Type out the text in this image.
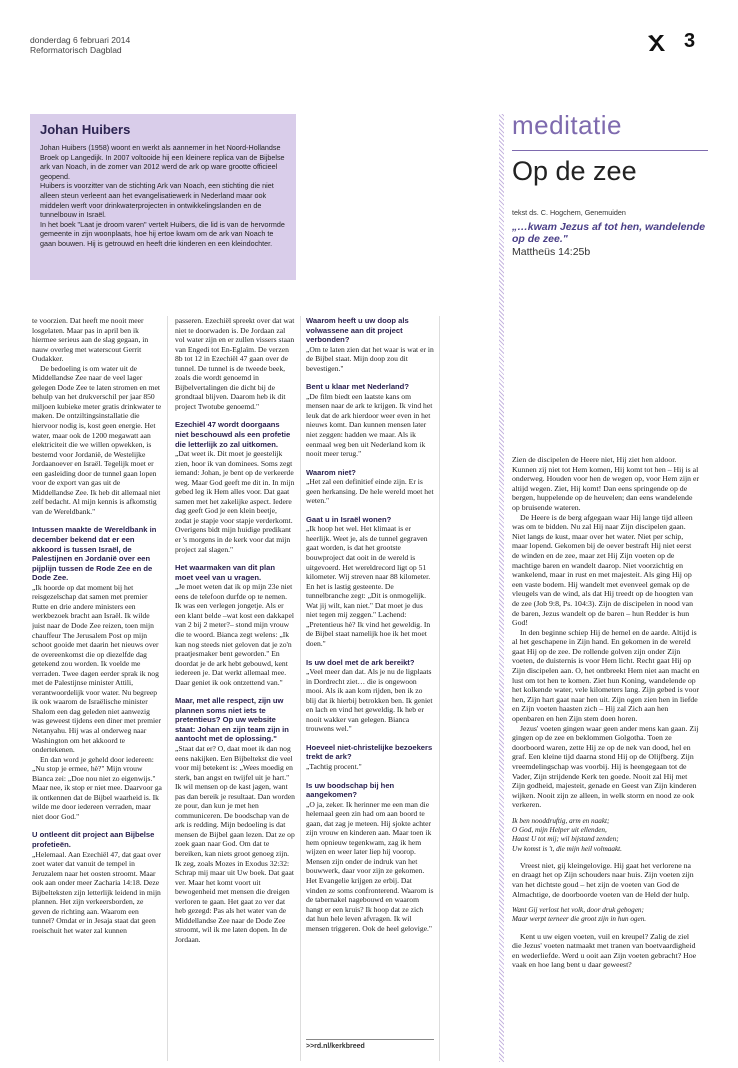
donderdag 6 februari 2014
Reformatorisch Dagblad	3
Johan Huibers

Johan Huibers (1958) woont en werkt als aannemer in het Noord-Hollandse Broek op Langedijk. In 2007 voltooide hij een kleinere replica van de Bijbelse ark van Noach, in de zomer van 2012 werd de ark op ware grootte officieel geopend.

Huibers is voorzitter van de stichting Ark van Noach, een stichting die niet alleen steun verleent aan het evangelisatiewerk in Nederland maar ook middelen werft voor drinkwaterprojecten in ontwikkelingslanden en de tunnelbouw in Israël.

In het boek "Laat je droom varen" vertelt Huibers, die lid is van de hervormde gemeente in zijn woonplaats, hoe hij ertoe kwam om de ark van Noach te gaan bouwen. Hij is getrouwd en heeft drie kinderen en een kleindochter.

te voorzien. Dat heeft me nooit meer losgelaten. Maar pas in april ben ik hiermee serieus aan de slag gegaan, in nauw overleg met waterscout Gerrit Oudakker.

De bedoeling is om water uit de Middellandse Zee naar de veel lager gelegen Dode Zee te laten stromen en met behulp van het drukverschil per jaar 850 miljoen kubieke meter gratis drinkwater te maken. De ontziltingsinstallatie die hiervoor nodig is, kost geen energie. Het water, maar ook de 1200 megawatt aan elektriciteit die we willen opwekken, is bestemd voor Jordanië, de Westelijke Jordaanoever en Israël. Tegelijk moet er een gasleiding door de tunnel gaan lopen voor de export van gas uit de Middellandse Zee. Ik heb dit allemaal niet zelf bedacht. Al mijn kennis is afkomstig van de Wereldbank."

Intussen maakte de Wereldbank in december bekend dat er een akkoord is tussen Israël, de Palestijnen en Jordanië over een pijplijn tussen de Rode Zee en de Dode Zee.

„Ik hoorde op dat moment bij het reisgezelschap dat samen met premier Rutte en drie andere ministers een werkbezoek bracht aan Israël. Ik wilde juist naar de Dode Zee reizen, toen mijn chauffeur The Jerusalem Post op mijn schoot gooide met daarin het nieuws over de overeenkomst die op diezelfde dag getekend zou worden. Ik voelde me verraden. Twee dagen eerder sprak ik nog met de Palestijnse minister Attili, verantwoordelijk voor water. Nu begreep ik ook waarom de Israëlische minister Shalom een dag geleden niet aanwezig was geweest tijdens een diner met premier Netanyahu. Hij was al onderweg naar Washington om het akkoord te ondertekenen.

En dan word je geheld door iedereen: „Nu stop je ermee, hè?" Mijn vrouw Bianca zei: „Doe nou niet zo eigenwijs." Maar nee, ik stop er niet mee. Daarvoor ga ik ontkennen dat de Bijbel waarheid is. Ik wilde me door iedereen verraden, maar niet door God."

U ontleent dit project aan Bijbelse profetieën.

„Helemaal. Aan Ezechiël 47, dat gaat over zoet water dat vanuit de tempel in Jeruzalem naar het oosten stroomt. Maar ook aan onder meer Zacharia 14:18. Deze Bijbelteksten zijn letterlijk leidend in mijn plannen. Het zijn verkeersborden, ze geven de richting aan. Waarom een tunnel? Omdat er in Jesaja staat dat geen roeischuit het water zal kunnen

passeren. Ezechiël spreekt over dat wat niet te doorwaden is. De Jordaan zal vol water zijn en er zullen vissers staan van Engedi tot En-Eglaïm. De verzen 8b tot 12 in Ezechiël 47 gaan over de tunnel. De tunnel is de tweede beek, zoals die wordt genoemd in Bijbelvertalingen die dicht bij de grondtaal blijven. Daarom heb ik dit project Twotube genoemd."

Ezechiël 47 wordt doorgaans niet beschouwd als een profetie die letterlijk zo zal uitkomen.

„Dat weet ik. Dit moet je geestelijk zien, hoor ik van dominees. Soms zegt iemand: Johan, je bent op de verkeerde weg. Maar God geeft me dit in. In mijn gebed leg ik Hem alles voor. Dat gaat samen met het zakelijke aspect. Iedere dag geeft God je een klein beetje, zodat je stapje voor stapje verderkomt. Overigens bidt mijn huidige predikant er 's morgens in de kerk voor dat mijn project zal slagen."

Het waarmaken van dit plan moet veel van u vragen.

„Je moet weten dat ik op mijn 23e niet eens de telefoon durfde op te nemen. Ik was een verlegen jongetje. Als er een klant belde –wat kost een dakkapel van 2 bij 2 meter?– stond mijn vrouw die te woord. Bianca zegt welens: „Ik kan nog steeds niet geloven dat je zo'n praatjesmaker bent geworden." En doordat je de ark hebt gebouwd, kent iedereen je. Dat werkt allemaal mee. Daar geniet ik ook ontzettend van."

Maar, met alle respect, zijn uw plannen soms niet iets te pretentieus? Op uw website staat: Johan en zijn team zijn in aantocht met de oplossing."

„Staat dat er? O, daat moet ik dan nog eens nakijken. Een Bijbeltekst die veel voor mij betekent is: „Wees moedig en sterk, ban angst en twijfel uit je hart." Ik wil mensen op de kast jagen, want pas dan bereik je resultaat. Dan worden ze pour, dan kun je met hen communiceren. De boodschap van de ark is redding. Mijn bedoeling is dat mensen de Bijbel gaan lezen. Dat ze op zoek gaan naar God. Om dat te bereiken, kan niets groot genoeg zijn. Ik zeg, zoals Mozes in Exodus 32:32: Schrap mij maar uit Uw boek. Dat gaat ver. Maar het komt voort uit bewogenheid met mensen die dreigen verloren te gaan. Het gaat zo ver dat heb gezegd: Pas als het water van de Middellandse Zee naar de Dode Zee stroomt, wil ik me laten dopen. In de Jordaan.

Waarom heeft u uw doop als volwassene aan dit project verbonden?

„Om te laten zien dat het waar is wat er in de Bijbel staat. Mijn doop zou dit bevestigen."

Bent u klaar met Nederland?

„De film biedt een laatste kans om mensen naar de ark te krijgen. Ik vind het leuk dat de ark hierdoor weer even in het nieuws komt. Dan kunnen mensen later niet zeggen: hadden we maar. Als ik eenmaal weg ben uit Nederland kom ik nooit meer terug."

Waarom niet?

„Het zal een definitief einde zijn. Er is geen herkansing. De hele wereld moet het weten."

Gaat u in Israël wonen?

„Ik hoop het wel. Het klimaat is er heerlijk. Weet je, als de tunnel gegraven gaat worden, is dat het grootste bouwproject dat ooit in de wereld is uitgevoerd. Het wereldrecord ligt op 51 kilometer. Wij streven naar 88 kilometer. En het is lastig gesteente. De tunnelbranche zegt: „Dit is onmogelijk. Wat jij wilt, kan niet." Dat moet je dus niet tegen mij zeggen." Lachend: „Pretentieus hè? Ik vind het geweldig. In de Bijbel staat namelijk hoe ik het moet doen."

Is uw doel met de ark bereikt?

„Veel meer dan dat. Als je nu de ligplaats in Dordrecht ziet… die is ongewoon mooi. Als ik aan kom rijden, ben ik zo blij dat ik hierbij betrokken ben. Ik geniet en lach en vind het geweldig. Ik heb er nooit wakker van gelegen. Bianca trouwens wel."

Hoeveel niet-christelijke bezoekers trekt de ark?

„Tachtig procent."

Is uw boodschap bij hen aangekomen?

„O ja, zeker. Ik herinner me een man die helemaal geen zin had om aan boord te gaan, dat zag je meteen. Hij sjokte achter zijn vrouw en kinderen aan. Maar toen ik hem opnieuw tegenkwam, zag ik hem wijzen en weer later liep hij voorop. Mensen zijn onder de indruk van het bouwwerk, daar voor zijn ze gekomen. Het Evangelie krijgen ze erbij. Dat vinden ze soms confronterend. Waarom is de tabernakel nagebouwd en waarom hangt er een kruis? Ik hoop dat ze zich dat hun hele leven afvragen. Ik wil mensen triggeren. Ook de heel gelovige."

>>rd.nl/kerkbreed
meditatie
Op de zee
tekst ds. C. Hogchem, Genemuiden
„…kwam Jezus af tot hen, wandelende op de zee."
Mattheüs 14:25b

Zien de discipelen de Heere niet, Hij ziet hen aldoor. Kunnen zij niet tot Hem komen, Hij komt tot hen – Hij is al onderweg. Houden voor hen de wegen op, voor Hem zijn er altijd wegen. Ziet, Hij komt! Dan eens springende op de bergen, huppelende op de heuvelen; dan eens wandelende op bruisende wateren.

De Heere is de berg afgegaan waar Hij lange tijd alleen was om te bidden. Nu zal Hij naar Zijn discipelen gaan. Niet langs de kust, maar over het water. Niet per schip, maar lopend. Gekomen bij de oever bestraft Hij niet eerst de winden en de zee, maar zet Hij Zijn voeten op de machtige baren en wandelt daarop. Niet voorzichtig en wankelend, maar in rust en met majesteit. Als ging Hij op een vaste bodem. Hij wandelt met evenveel gemak op de vleugels van de wind, als dat Hij treedt op de hoogten van de zee (Job 9:8, Ps. 104:3). Zijn de discipelen in nood van de baren, Jezus wandelt op de baren – hun Redder is hun God!

In den beginne schiep Hij de hemel en de aarde. Altijd is al het geschapene in Zijn hand. En gekomen in de wereld gaat Hij op de zee. De rollende golven zijn onder Zijn voeten, de duisternis is voor Hem licht. Recht gaat Hij op Zijn discipelen aan. O, het ontbreekt Hem niet aan macht en lust om tot hen te komen. Ziet hun Koning, wandelende op het kolkende water, vele kilometers lang. Zijn gebed is voor hen, Zijn hart gaat naar hen uit. Zijn ogen zien hen in liefde en Zijn voeten haasten zich – Hij zal Zich aan hen openbaren en hen Zijn stem doen horen.

Jezus' voeten gingen waar geen ander mens kan gaan. Zij gingen op de zee en beklommen Golgotha. Toen ze doorboord waren, zette Hij ze op de nek van dood, hel en graf. Een kleine tijd daarna stond Hij op de Olijfberg. Zijn vreemdelingschap was voorbij. Hij is heengegaan tot de Vader, Zijn strijdende Kerk ten goede. Nooit zal Hij met Zijn godheid, majesteit, genade en Geest van Zijn kinderen wijken. Nooit zijn ze alleen, in welk storm en nood ze ook verkeren.

Ik ben nooddruftig, arm en naakt;
O God, mijn Helper uit ellenden,
Haast U tot mij; wil bijstand zenden;
Uw komst is 't, die mijn heil volmaakt.

Vreest niet, gij kleingelovige. Hij gaat het verlorene na en draagt het op Zijn schouders naar huis. Zijn voeten zijn van het dichtste goud – het zijn de voeten van God de Almachtige, de doorboorde voeten van de Held der hulp.

Want Gij verlost het volk, door druk gebogen;
Maar werpt terneer die groot zijn in hun ogen.

Kent u uw eigen voeten, vuil en kreupel? Zalig de ziel die Jezus' voeten natmaakt met tranen van boetvaardigheid en wederliefde. Werd u ooit aan Zijn voeten gebracht? Hoe vaak en hoe lang bent u daar geweest?
